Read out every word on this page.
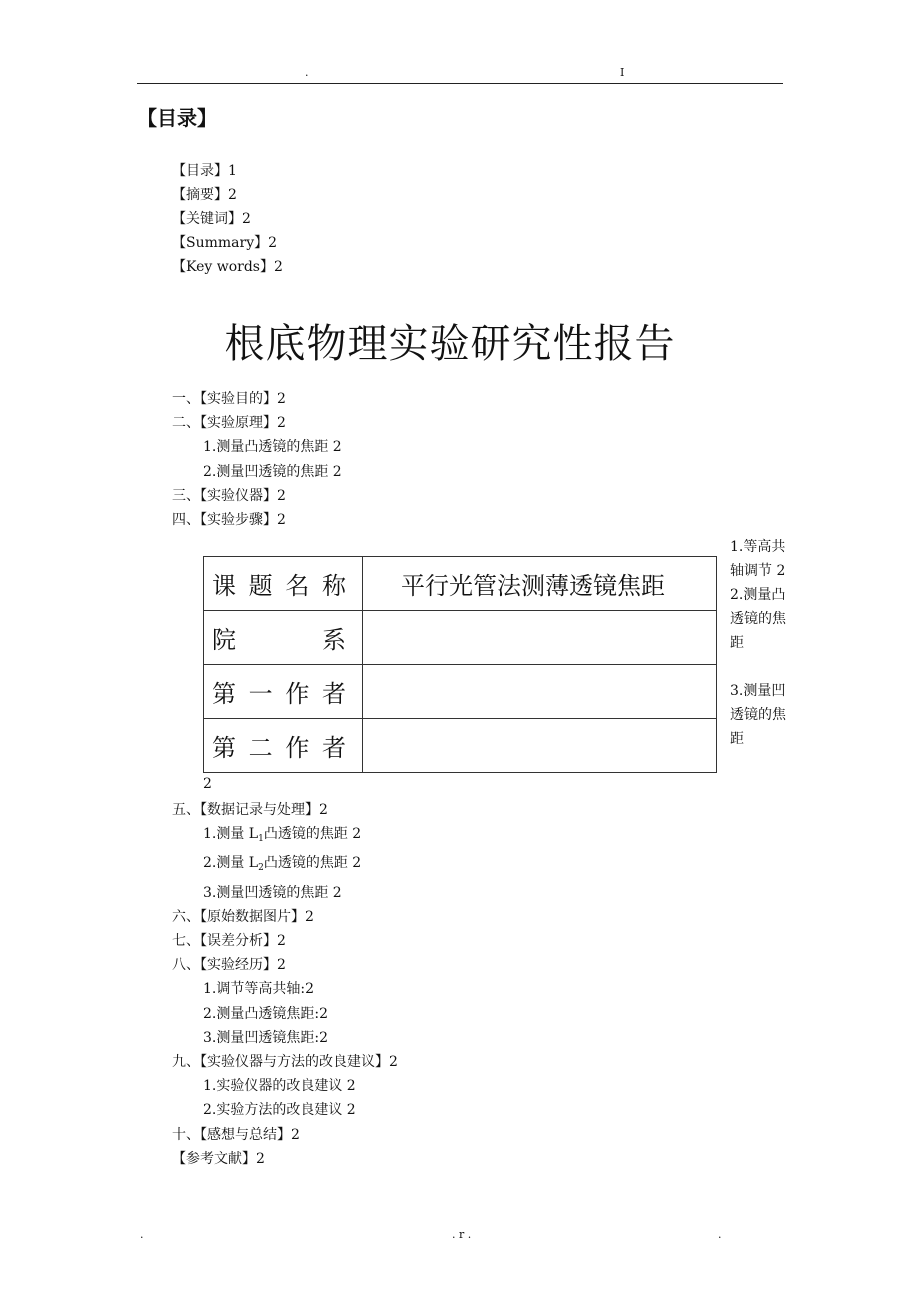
.	I
【目录】
【目录】1
【摘要】2
【关键词】2
【Summary】2
【Key words】2
根底物理实验研究性报告
一、【实验目的】2
二、【实验原理】2
1.测量凸透镜的焦距 2
2.测量凹透镜的焦距 2
三、【实验仪器】2
四、【实验步骤】2
课题名称	平行光管法测薄透镜焦距

院　　系	

第一作者	

第二作者	

1.等高共轴调节 2
2.测量凸透镜的焦距
3.测量凹透镜的焦距
2
五、【数据记录与处理】2
1.测量 $L_1$凸透镜的焦距 2
2.测量 $L_2$凸透镜的焦距 2
3.测量凹透镜的焦距 2
六、【原始数据图片】2
七、【误差分析】2
八、【实验经历】2
1.调节等高共轴:2
2.测量凸透镜焦距:2
3.测量凹透镜焦距:2
九、【实验仪器与方法的改良建议】2
1.实验仪器的改良建议 2
2.实验方法的改良建议 2
十、【感想与总结】2
【参考文献】2
.	. r .	.
